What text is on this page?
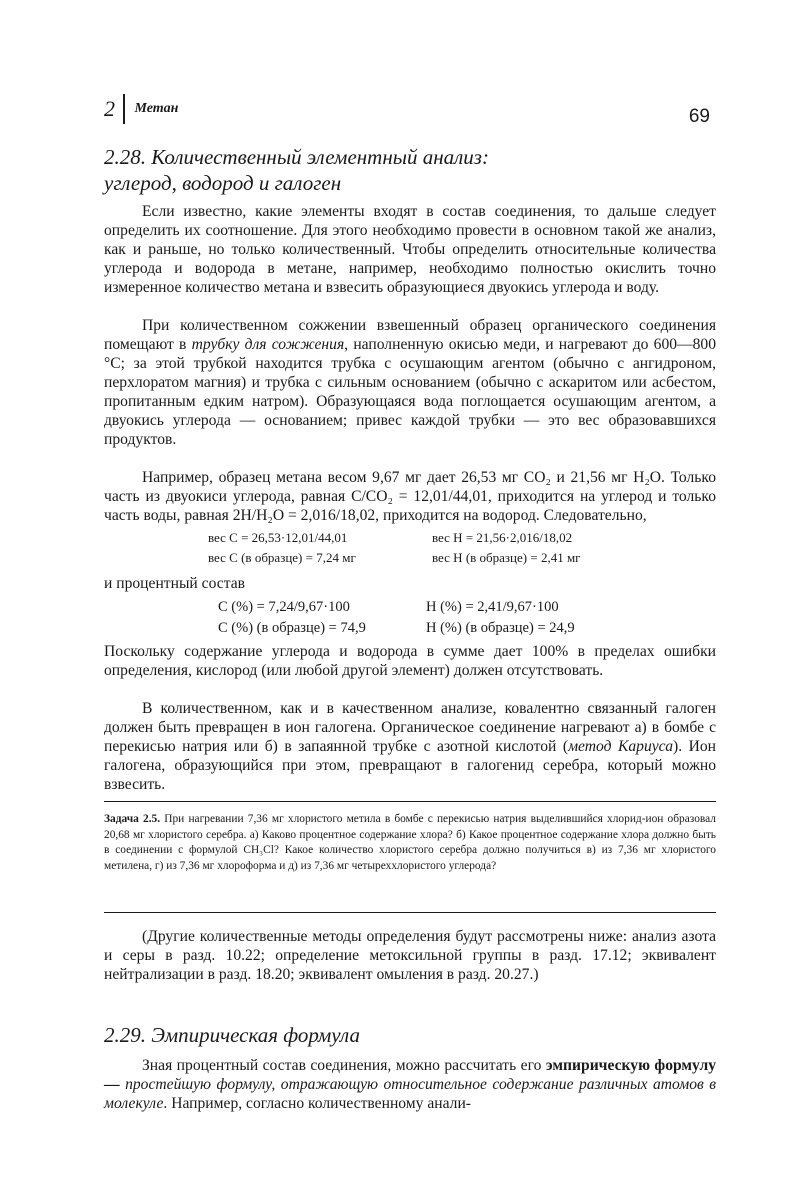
2 Метан	69
2.28. Количественный элементный анализ:
углерод, водород и галоген

Если известно, какие элементы входят в состав соединения, то дальше следует определить их соотношение. Для этого необходимо провести в основном такой же анализ, как и раньше, но только количественный. Чтобы определить относительные количества углерода и водорода в метане, например, необходимо полностью окислить точно измеренное количество метана и взвесить образующиеся двуокись углерода и воду.

При количественном сожжении взвешенный образец органического соединения помещают в трубку для сожжения, наполненную окисью меди, и нагревают до 600—800 °C; за этой трубкой находится трубка с осушающим агентом (обычно с ангидроном, перхлоратом магния) и трубка с сильным основанием (обычно с аскаритом или асбестом, пропитанным едким натром). Образующаяся вода поглощается осушающим агентом, а двуокись углерода — основанием; привес каждой трубки — это вес образовавшихся продуктов.

Например, образец метана весом 9,67 мг дает 26,53 мг CO₂ и 21,56 мг H₂O. Только часть из двуокиси углерода, равная C/CO₂ = 12,01/44,01, приходится на углерод и только часть воды, равная 2H/H₂O = 2,016/18,02, приходится на водород. Следовательно,

вес C = 26,53·12,01/44,01	вес H = 21,56·2,016/18,02
вес C (в образце) = 7,24 мг	вес H (в образце) = 2,41 мг

и процентный состав

C (%) = 7,24/9,67·100	H (%) = 2,41/9,67·100
C (%) (в образце) = 74,9	H (%) (в образце) = 24,9

Поскольку содержание углерода и водорода в сумме дает 100% в пределах ошибки определения, кислород (или любой другой элемент) должен отсутствовать.

В количественном, как и в качественном анализе, ковалентно связанный галоген должен быть превращен в ион галогена. Органическое соединение нагревают а) в бомбе с перекисью натрия или б) в запаянной трубке с азотной кислотой (метод Кариуса). Ион галогена, образующийся при этом, превращают в галогенид серебра, который можно взвесить.

Задача 2.5. При нагревании 7,36 мг хлористого метила в бомбе с перекисью натрия выделившийся хлорид-ион образовал 20,68 мг хлористого серебра. а) Каково процентное содержание хлора? б) Какое процентное содержание хлора должно быть в соединении с формулой CH₃Cl? Какое количество хлористого серебра должно получиться в) из 7,36 мг хлористого метилена, г) из 7,36 мг хлороформа и д) из 7,36 мг четыреххлористого углерода?

(Другие количественные методы определения будут рассмотрены ниже: анализ азота и серы в разд. 10.22; определение метоксильной группы в разд. 17.12; эквивалент нейтрализации в разд. 18.20; эквивалент омыления в разд. 20.27.)

2.29. Эмпирическая формула

Зная процентный состав соединения, можно рассчитать его эмпирическую формулу — простейшую формулу, отражающую относительное содержание различных атомов в молекуле. Например, согласно количественному анали-
